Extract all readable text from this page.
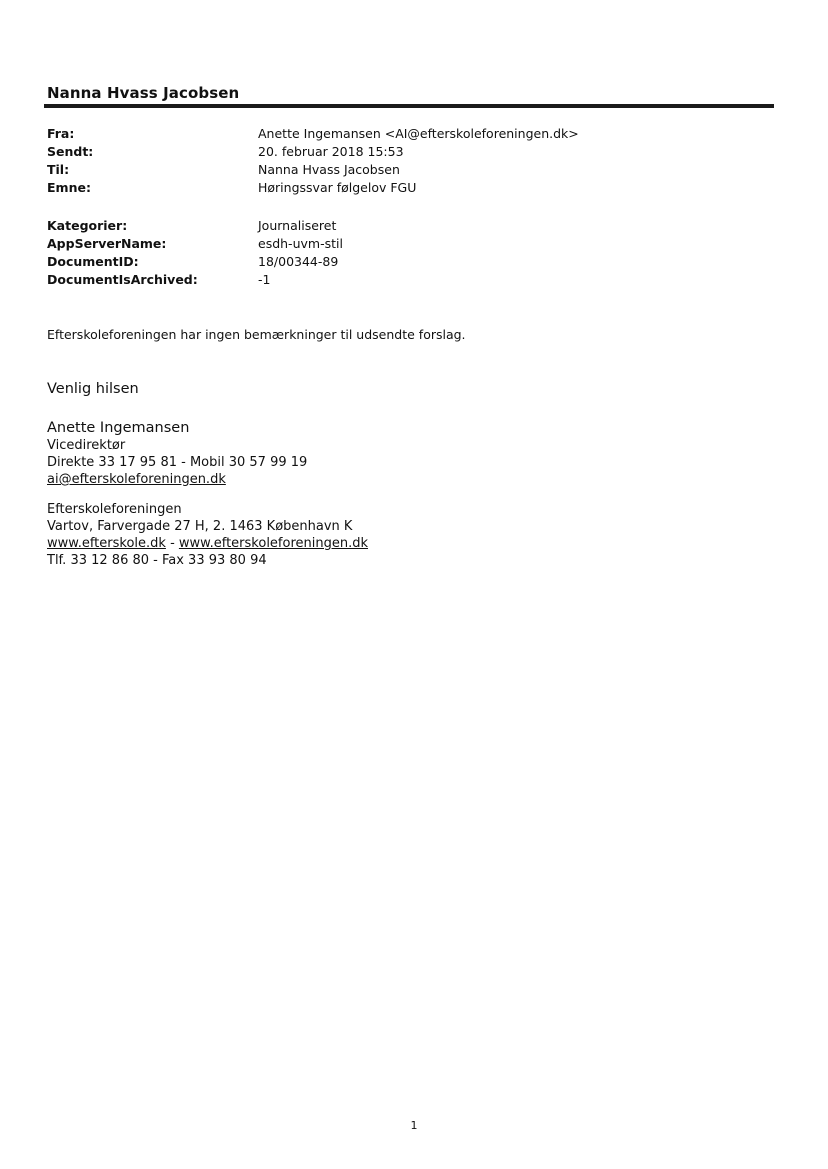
Nanna Hvass Jacobsen
Fra:	Anette Ingemansen <AI@efterskoleforeningen.dk>
Sendt:	20. februar 2018 15:53
Til:	Nanna Hvass Jacobsen
Emne:	Høringssvar følgelov FGU
Kategorier:	Journaliseret
AppServerName:	esdh-uvm-stil
DocumentID:	18/00344-89
DocumentIsArchived:	-1
Efterskoleforeningen har ingen bemærkninger til udsendte forslag.
Venlig hilsen
Anette Ingemansen
Vicedirektør
Direkte 33 17 95 81 - Mobil 30 57 99 19
ai@efterskoleforeningen.dk
Efterskoleforeningen
Vartov, Farvergade 27 H, 2. 1463 København K
www.efterskole.dk - www.efterskoleforeningen.dk
Tlf. 33 12 86 80 - Fax 33 93 80 94
1
